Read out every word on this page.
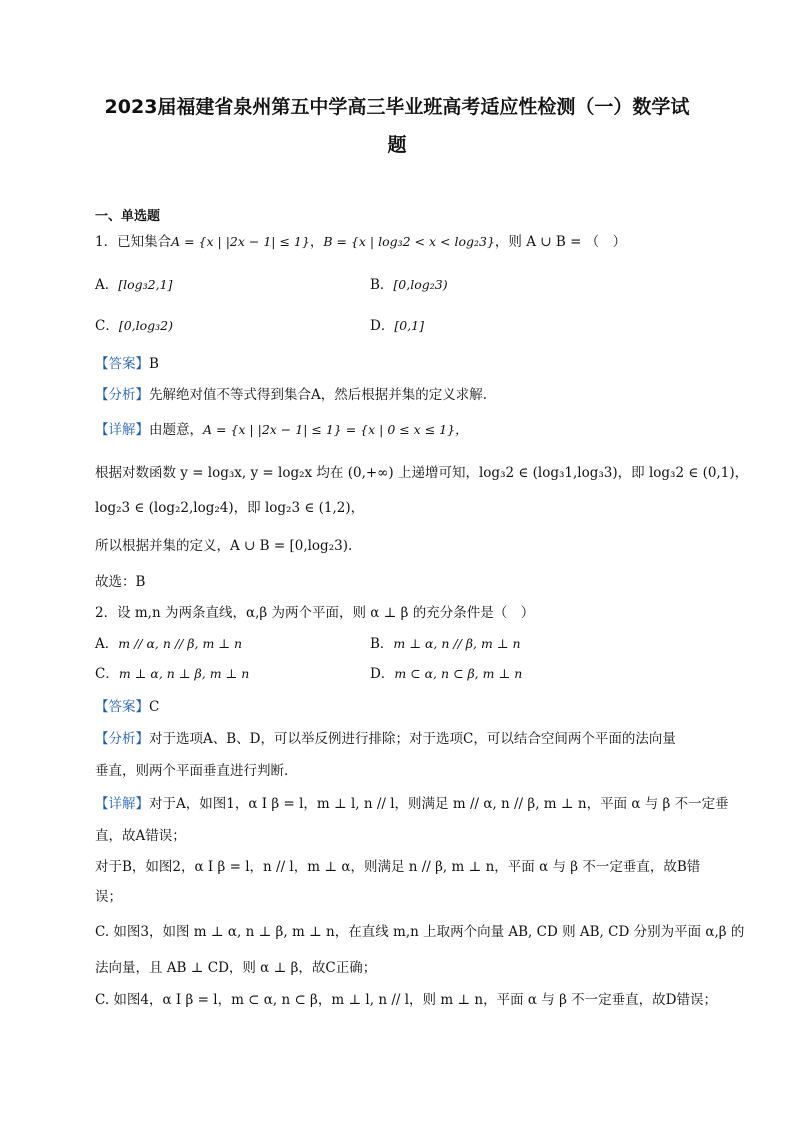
2023届福建省泉州第五中学高三毕业班高考适应性检测（一）数学试
题
一、单选题
1．已知集合A = {x | |2x − 1| ≤ 1}，B = {x | log₃2 < x < log₂3}，则 A ∪ B = （　）
A．[log₃2,1]	B．[0,log₂3)
C．[0,log₃2)	D．[0,1]
【答案】B
【分析】先解绝对值不等式得到集合A，然后根据并集的定义求解.
【详解】由题意，A = {x | |2x − 1| ≤ 1} = {x | 0 ≤ x ≤ 1}，
根据对数函数 y = log₃x, y = log₂x 均在 (0,+∞) 上递增可知，log₃2 ∈ (log₃1,log₃3)，即 log₃2 ∈ (0,1)，
log₂3 ∈ (log₂2,log₂4)，即 log₂3 ∈ (1,2)，
所以根据并集的定义，A ∪ B = [0,log₂3).
故选：B
2．设 m,n 为两条直线，α,β 为两个平面，则 α ⊥ β 的充分条件是（　）
A．m // α, n // β, m ⊥ n	B．m ⊥ α, n // β, m ⊥ n
C．m ⊥ α, n ⊥ β, m ⊥ n	D．m ⊂ α, n ⊂ β, m ⊥ n
【答案】C
【分析】对于选项A、B、D，可以举反例进行排除；对于选项C，可以结合空间两个平面的法向量
垂直，则两个平面垂直进行判断.
【详解】对于A，如图1，α I β = l，m ⊥ l, n // l，则满足 m // α, n // β, m ⊥ n，平面 α 与 β 不一定垂
直，故A错误；
对于B，如图2，α I β = l，n // l，m ⊥ α，则满足 n // β, m ⊥ n，平面 α 与 β 不一定垂直，故B错
误；
C. 如图3，如图 m ⊥ α, n ⊥ β, m ⊥ n，在直线 m,n 上取两个向量 AB, CD 则 AB, CD 分别为平面 α,β 的
法向量，且 AB ⊥ CD，则 α ⊥ β，故C正确；
C. 如图4，α I β = l，m ⊂ α, n ⊂ β，m ⊥ l, n // l，则 m ⊥ n，平面 α 与 β 不一定垂直，故D错误；
